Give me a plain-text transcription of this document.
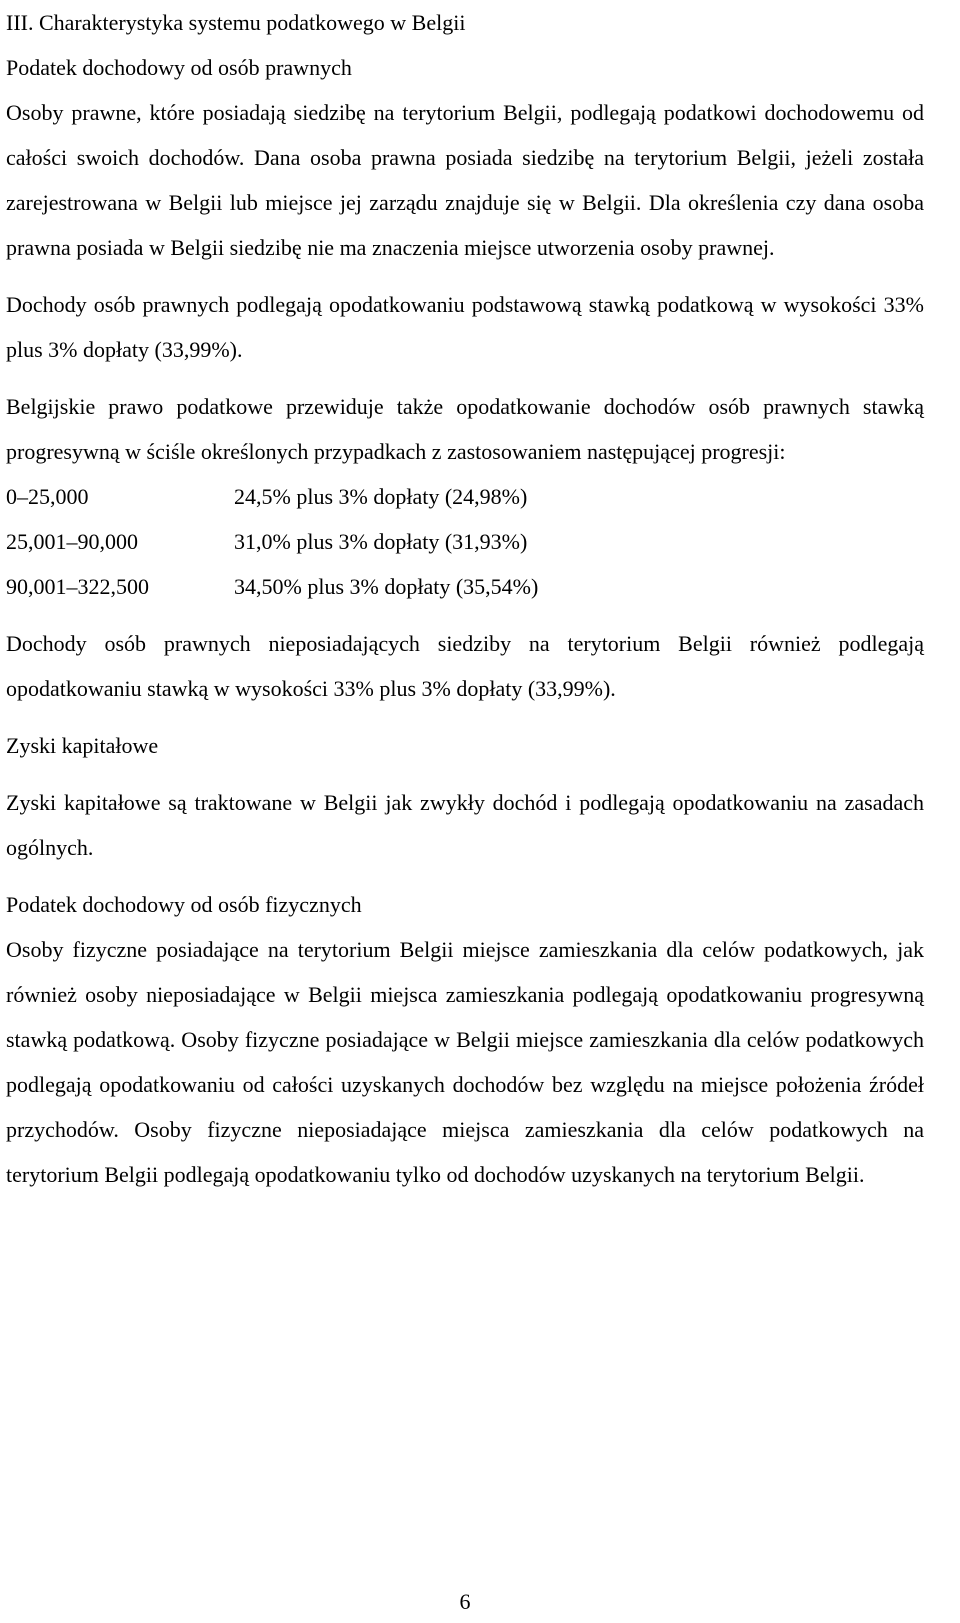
III. Charakterystyka systemu podatkowego w Belgii
Podatek dochodowy od osób prawnych

Osoby prawne, które posiadają siedzibę na terytorium Belgii, podlegają podatkowi dochodowemu od całości swoich dochodów. Dana osoba prawna posiada siedzibę na terytorium Belgii, jeżeli została zarejestrowana w Belgii lub miejsce jej zarządu znajduje się w Belgii. Dla określenia czy dana osoba prawna posiada w Belgii siedzibę nie ma znaczenia miejsce utworzenia osoby prawnej.

Dochody osób prawnych podlegają opodatkowaniu podstawową stawką podatkową w wysokości 33% plus 3% dopłaty (33,99%).

Belgijskie prawo podatkowe przewiduje także opodatkowanie dochodów osób prawnych stawką progresywną w ściśle określonych przypadkach z zastosowaniem następującej progresji:

0–25,000	24,5% plus 3% dopłaty (24,98%)
25,001–90,000	31,0% plus 3% dopłaty (31,93%)
90,001–322,500	34,50% plus 3% dopłaty (35,54%)

Dochody osób prawnych nieposiadających siedziby na terytorium Belgii również podlegają opodatkowaniu stawką w wysokości 33% plus 3% dopłaty (33,99%).

Zyski kapitałowe

Zyski kapitałowe są traktowane w Belgii jak zwykły dochód i podlegają opodatkowaniu na zasadach ogólnych.

Podatek dochodowy od osób fizycznych

Osoby fizyczne posiadające na terytorium Belgii miejsce zamieszkania dla celów podatkowych, jak również osoby nieposiadające w Belgii miejsca zamieszkania podlegają opodatkowaniu progresywną stawką podatkową. Osoby fizyczne posiadające w Belgii miejsce zamieszkania dla celów podatkowych podlegają opodatkowaniu od całości uzyskanych dochodów bez względu na miejsce położenia źródeł przychodów. Osoby fizyczne nieposiadające miejsca zamieszkania dla celów podatkowych na terytorium Belgii podlegają opodatkowaniu tylko od dochodów uzyskanych na terytorium Belgii.

6
